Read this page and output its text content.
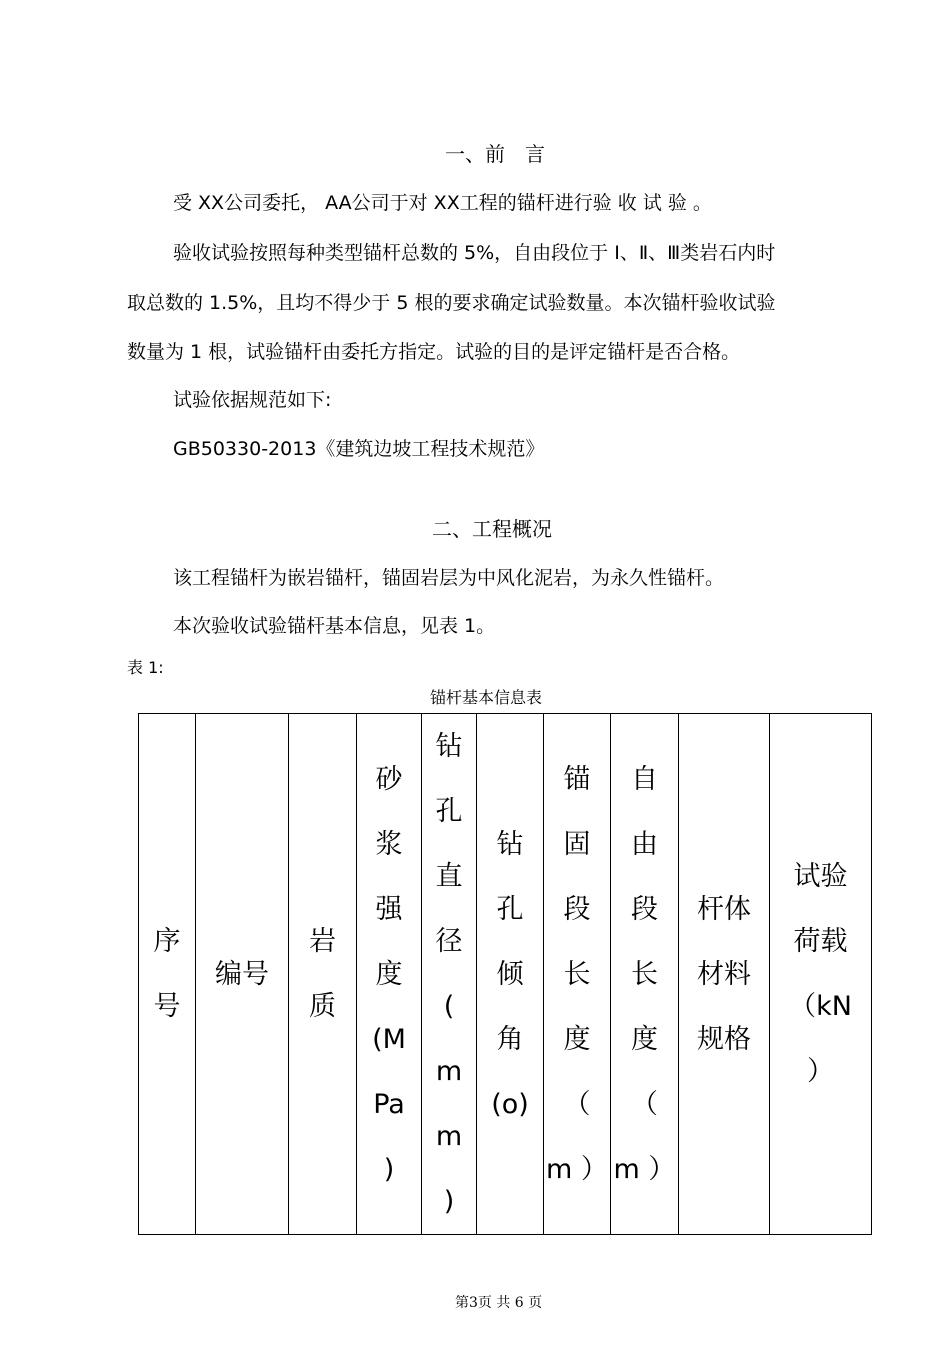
一、前　言
受 XX公司委托， AA公司于对 XX工程的锚杆进行验 收 试 验 。
验收试验按照每种类型锚杆总数的 5%，自由段位于 Ⅰ、Ⅱ、Ⅲ类岩石内时
取总数的 1.5%，且均不得少于 5 根的要求确定试验数量。本次锚杆验收试验
数量为 1 根，试验锚杆由委托方指定。试验的目的是评定锚杆是否合格。
试验依据规范如下:
GB50330-2013《建筑边坡工程技术规范》
二、工程概况
该工程锚杆为嵌岩锚杆，锚固岩层为中风化泥岩，为永久性锚杆。
本次验收试验锚杆基本信息，见表 1。
表 1:
锚杆基本信息表
序
号

编号

岩
质

砂
浆
强
度
(M
Pa
)

钻
孔
直
径
(
m
m
)

钻
孔
倾
角
(o)

锚
固
段
长
度
（
m ）

自
由
段
长
度
（
m ）

杆体
材料
规格

试验
荷载
（kN
）
第3页 共 6 页
